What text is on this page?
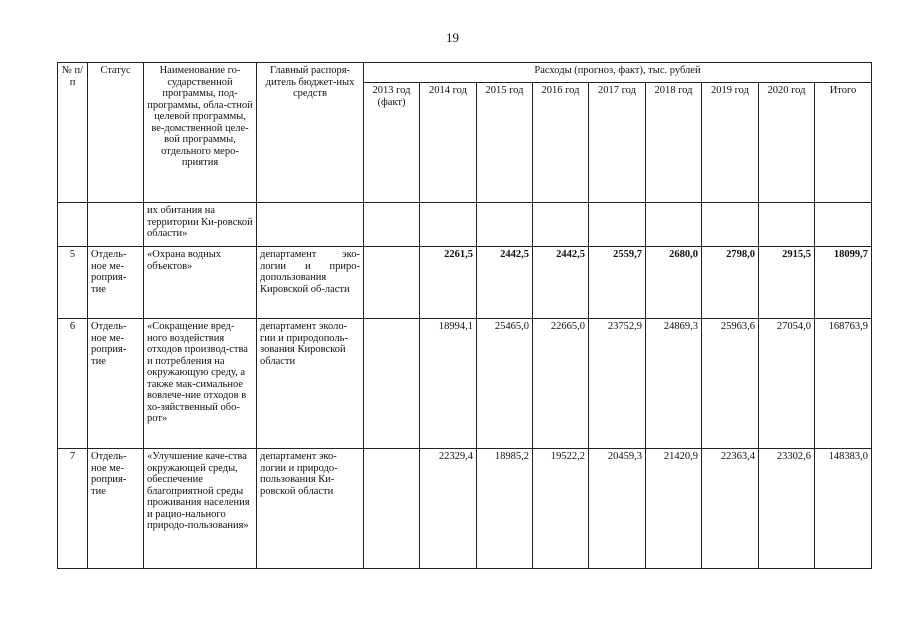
19
№ п/п	Статус	Наименование го-сударственной программы, под-программы, обла-стной целевой программы, ве-домственной целе-вой программы, отдельного меро-приятия	Главный распоря-дитель бюджет-ных средств	Расходы (прогноз, факт), тыс. рублей								
				2013 год (факт)	2014 год	2015 год	2016 год	2017 год	2018 год	2019 год	2020 год	Итого
		их обитания на территории Ки-ровской области»										
5	Отдель-ное ме-роприя-тие	«Охрана водных объектов»	департамент эко-логии и приро-допользования Кировской об-ласти		2261,5	2442,5	2442,5	2559,7	2680,0	2798,0	2915,5	18099,7
6	Отдель-ное ме-роприя-тие	«Сокращение вред-ного воздействия отходов производ-ства и потребления на окружающую среду, а также мак-симальное вовлече-ние отходов в хо-зяйственный обо-рот»	департамент эколо-гии и природополь-зования Кировской области		18994,1	25465,0	22665,0	23752,9	24869,3	25963,6	27054,0	168763,9
7	Отдель-ное ме-роприя-тие	«Улучшение каче-ства окружающей среды, обеспечение благоприятной среды проживания населения и рацио-нального природо-пользования»	департамент эко-логии и природо-пользования Ки-ровской области		22329,4	18985,2	19522,2	20459,3	21420,9	22363,4	23302,6	148383,0
